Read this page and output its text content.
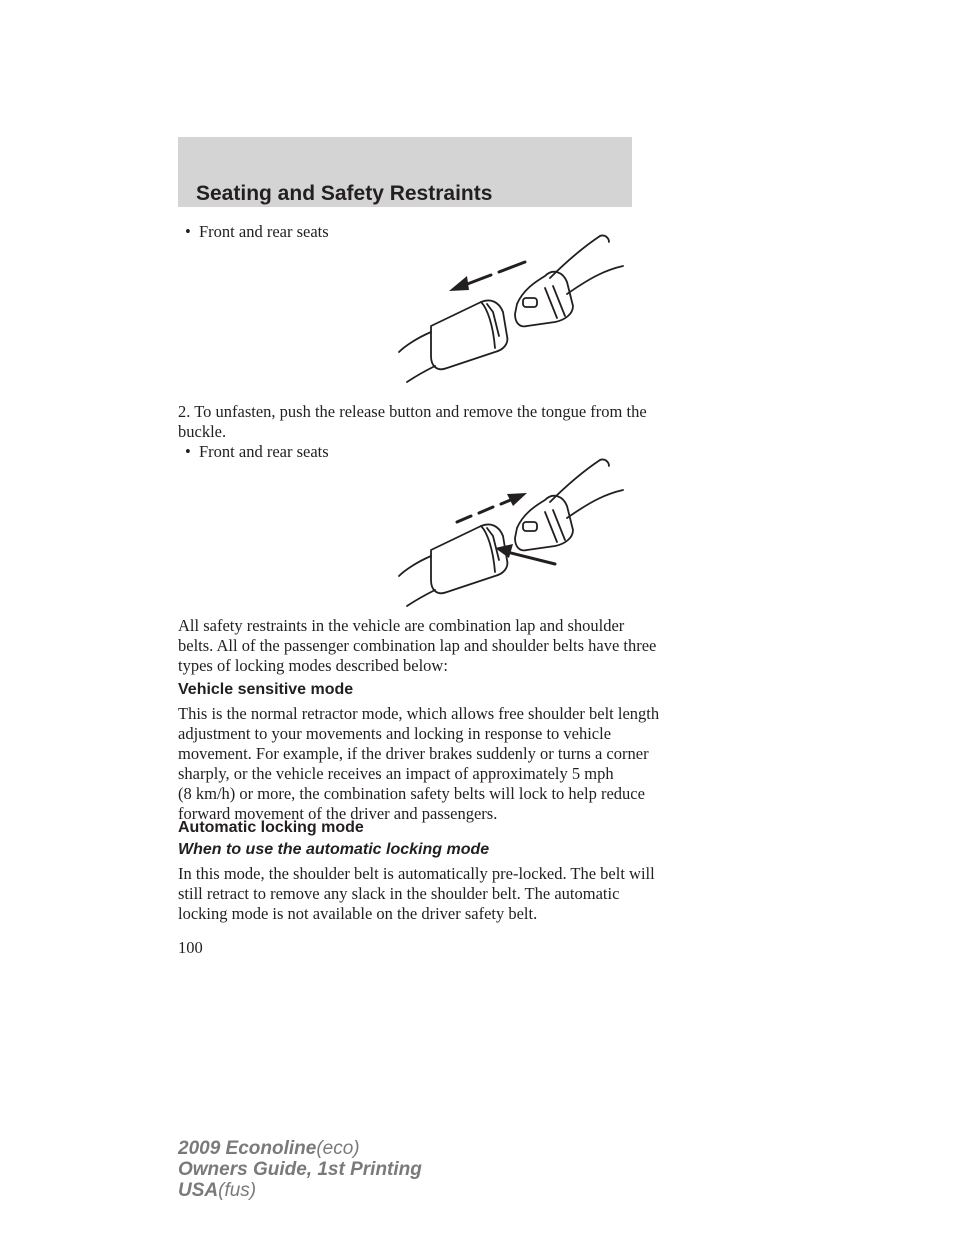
Seating and Safety Restraints
• Front and rear seats
2. To unfasten, push the release button and remove the tongue from the
buckle.
• Front and rear seats
All safety restraints in the vehicle are combination lap and shoulder
belts. All of the passenger combination lap and shoulder belts have three
types of locking modes described below:
Vehicle sensitive mode
This is the normal retractor mode, which allows free shoulder belt length
adjustment to your movements and locking in response to vehicle
movement. For example, if the driver brakes suddenly or turns a corner
sharply, or the vehicle receives an impact of approximately 5 mph
(8 km/h) or more, the combination safety belts will lock to help reduce
forward movement of the driver and passengers.
Automatic locking mode
When to use the automatic locking mode
In this mode, the shoulder belt is automatically pre-locked. The belt will
still retract to remove any slack in the shoulder belt. The automatic
locking mode is not available on the driver safety belt.
100
2009 Econoline(eco)
Owners Guide, 1st Printing
USA(fus)
